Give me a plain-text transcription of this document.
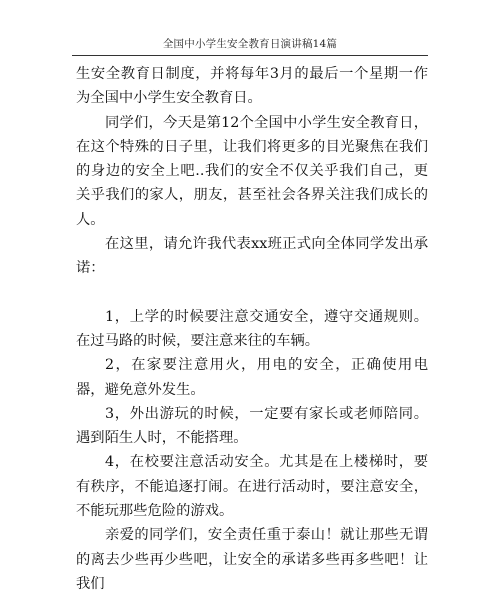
全国中小学生安全教育日演讲稿14篇

生安全教育日制度，并将每年3月的最后一个星期一作为全国中小学生安全教育日。

同学们，今天是第12个全国中小学生安全教育日，在这个特殊的日子里，让我们将更多的目光聚焦在我们的身边的安全上吧..我们的安全不仅关乎我们自己，更关乎我们的家人，朋友，甚至社会各界关注我们成长的人。

在这里，请允许我代表xx班正式向全体同学发出承诺：

1，上学的时候要注意交通安全，遵守交通规则。在过马路的时候，要注意来往的车辆。

2，在家要注意用火，用电的安全，正确使用电器，避免意外发生。

3，外出游玩的时候，一定要有家长或老师陪同。遇到陌生人时，不能搭理。

4，在校要注意活动安全。尤其是在上楼梯时，要有秩序，不能追逐打闹。在进行活动时，要注意安全，不能玩那些危险的游戏。

亲爱的同学们，安全责任重于泰山！就让那些无谓的离去少些再少些吧，让安全的承诺多些再多些吧！让我们
